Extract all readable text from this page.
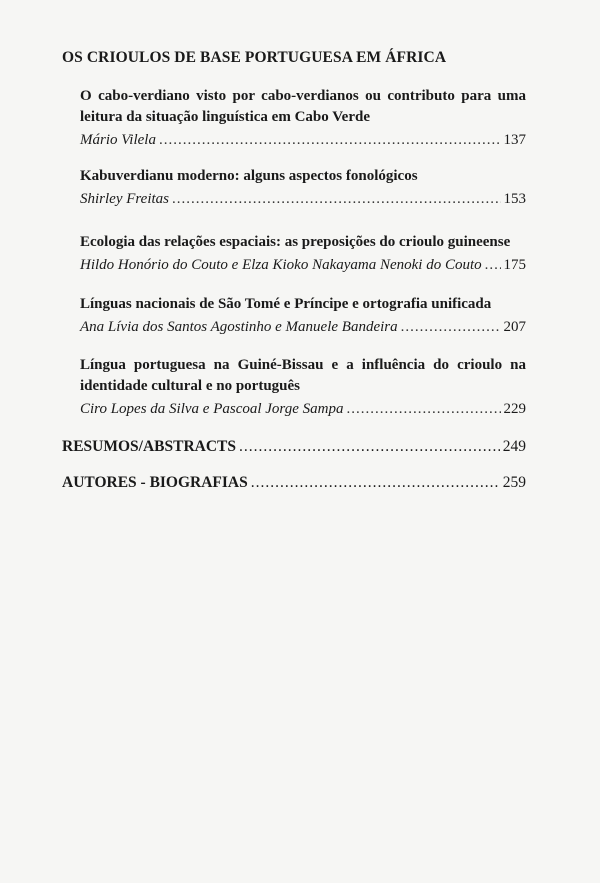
OS CRIOULOS DE BASE PORTUGUESA EM ÁFRICA
O cabo-verdiano visto por cabo-verdianos ou contributo para uma leitura da situação linguística em Cabo Verde
Mário Vilela .....	137
Kabuverdianu moderno: alguns aspectos fonológicos
Shirley Freitas .....	153
Ecologia das relações espaciais: as preposições do crioulo guineense
Hildo Honório do Couto e Elza Kioko Nakayama Nenoki do Couto ..... 175
Línguas nacionais de São Tomé e Príncipe e ortografia unificada
Ana Lívia dos Santos Agostinho e Manuele Bandeira .....	207
Língua portuguesa na Guiné-Bissau e a influência do crioulo na identidade cultural e no português
Ciro Lopes da Silva e Pascoal Jorge Sampa .....	229
RESUMOS/ABSTRACTS .....	249
AUTORES - BIOGRAFIAS .....	259
